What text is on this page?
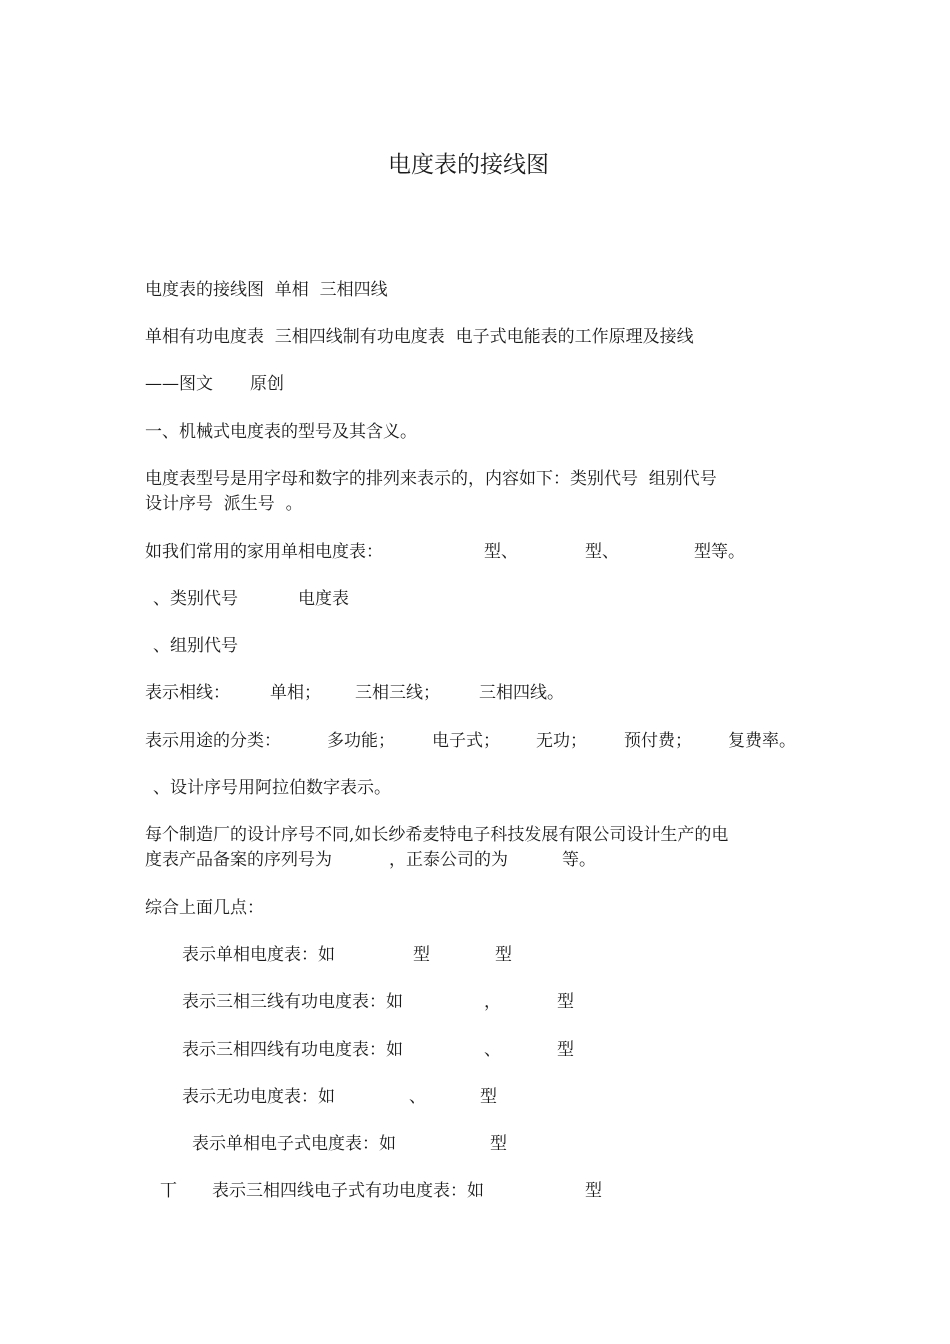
电度表的接线图
电度表的接线图  单相  三相四线
单相有功电度表  三相四线制有功电度表  电子式电能表的工作原理及接线
——图文 原创
一、机械式电度表的型号及其含义。
电度表型号是用字母和数字的排列来表示的，内容如下：类别代号  组别代号
设计序号  派生号  。
如我们常用的家用单相电度表：	型、	型、	型等。
、类别代号	电度表
、组别代号
表示相线： 单相； 三相三线； 三相四线。
表示用途的分类：	多功能； 电子式； 无功； 预付费； 复费率。
、设计序号用阿拉伯数字表示。
每个制造厂的设计序号不同,如长纱希麦特电子科技发展有限公司设计生产的电
度表产品备案的序列号为	，正泰公司的为	等。
综合上面几点：
表示单相电度表：如	型	型
表示三相三线有功电度表：如	，	型
表示三相四线有功电度表：如	、	型
表示无功电度表：如	、	型
表示单相电子式电度表：如	型
丅 表示三相四线电子式有功电度表：如	型
